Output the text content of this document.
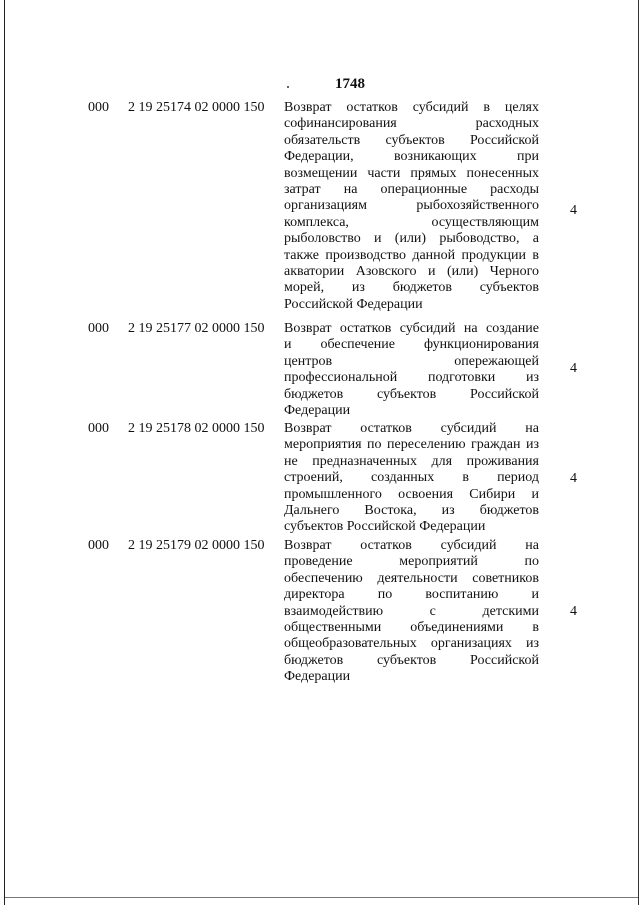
1748
000 2 19 25174 02 0000 150 Возврат остатков субсидий в целях
софинансирования расходных
обязательств субъектов Российской
Федерации, возникающих при
возмещении части прямых понесенных
затрат на операционные расходы
организациям рыбохозяйственного
комплекса, осуществляющим
рыболовство и (или) рыбоводство, а
также производство данной продукции в
акватории Азовского и (или) Черного
морей, из бюджетов субъектов
Российской Федерации
4
000 2 19 25177 02 0000 150 Возврат остатков субсидий на создание
и обеспечение функционирования
центров опережающей
профессиональной подготовки из
бюджетов субъектов Российской
Федерации
4
000 2 19 25178 02 0000 150 Возврат остатков субсидий на
мероприятия по переселению граждан из
не предназначенных для проживания
строений, созданных в период
промышленного освоения Сибири и
Дальнего Востока, из бюджетов
субъектов Российской Федерации
4
000 2 19 25179 02 0000 150 Возврат остатков субсидий на
проведение мероприятий по
обеспечению деятельности советников
директора по воспитанию и
взаимодействию с детскими
общественными объединениями в
общеобразовательных организациях из
бюджетов субъектов Российской
Федерации
4
